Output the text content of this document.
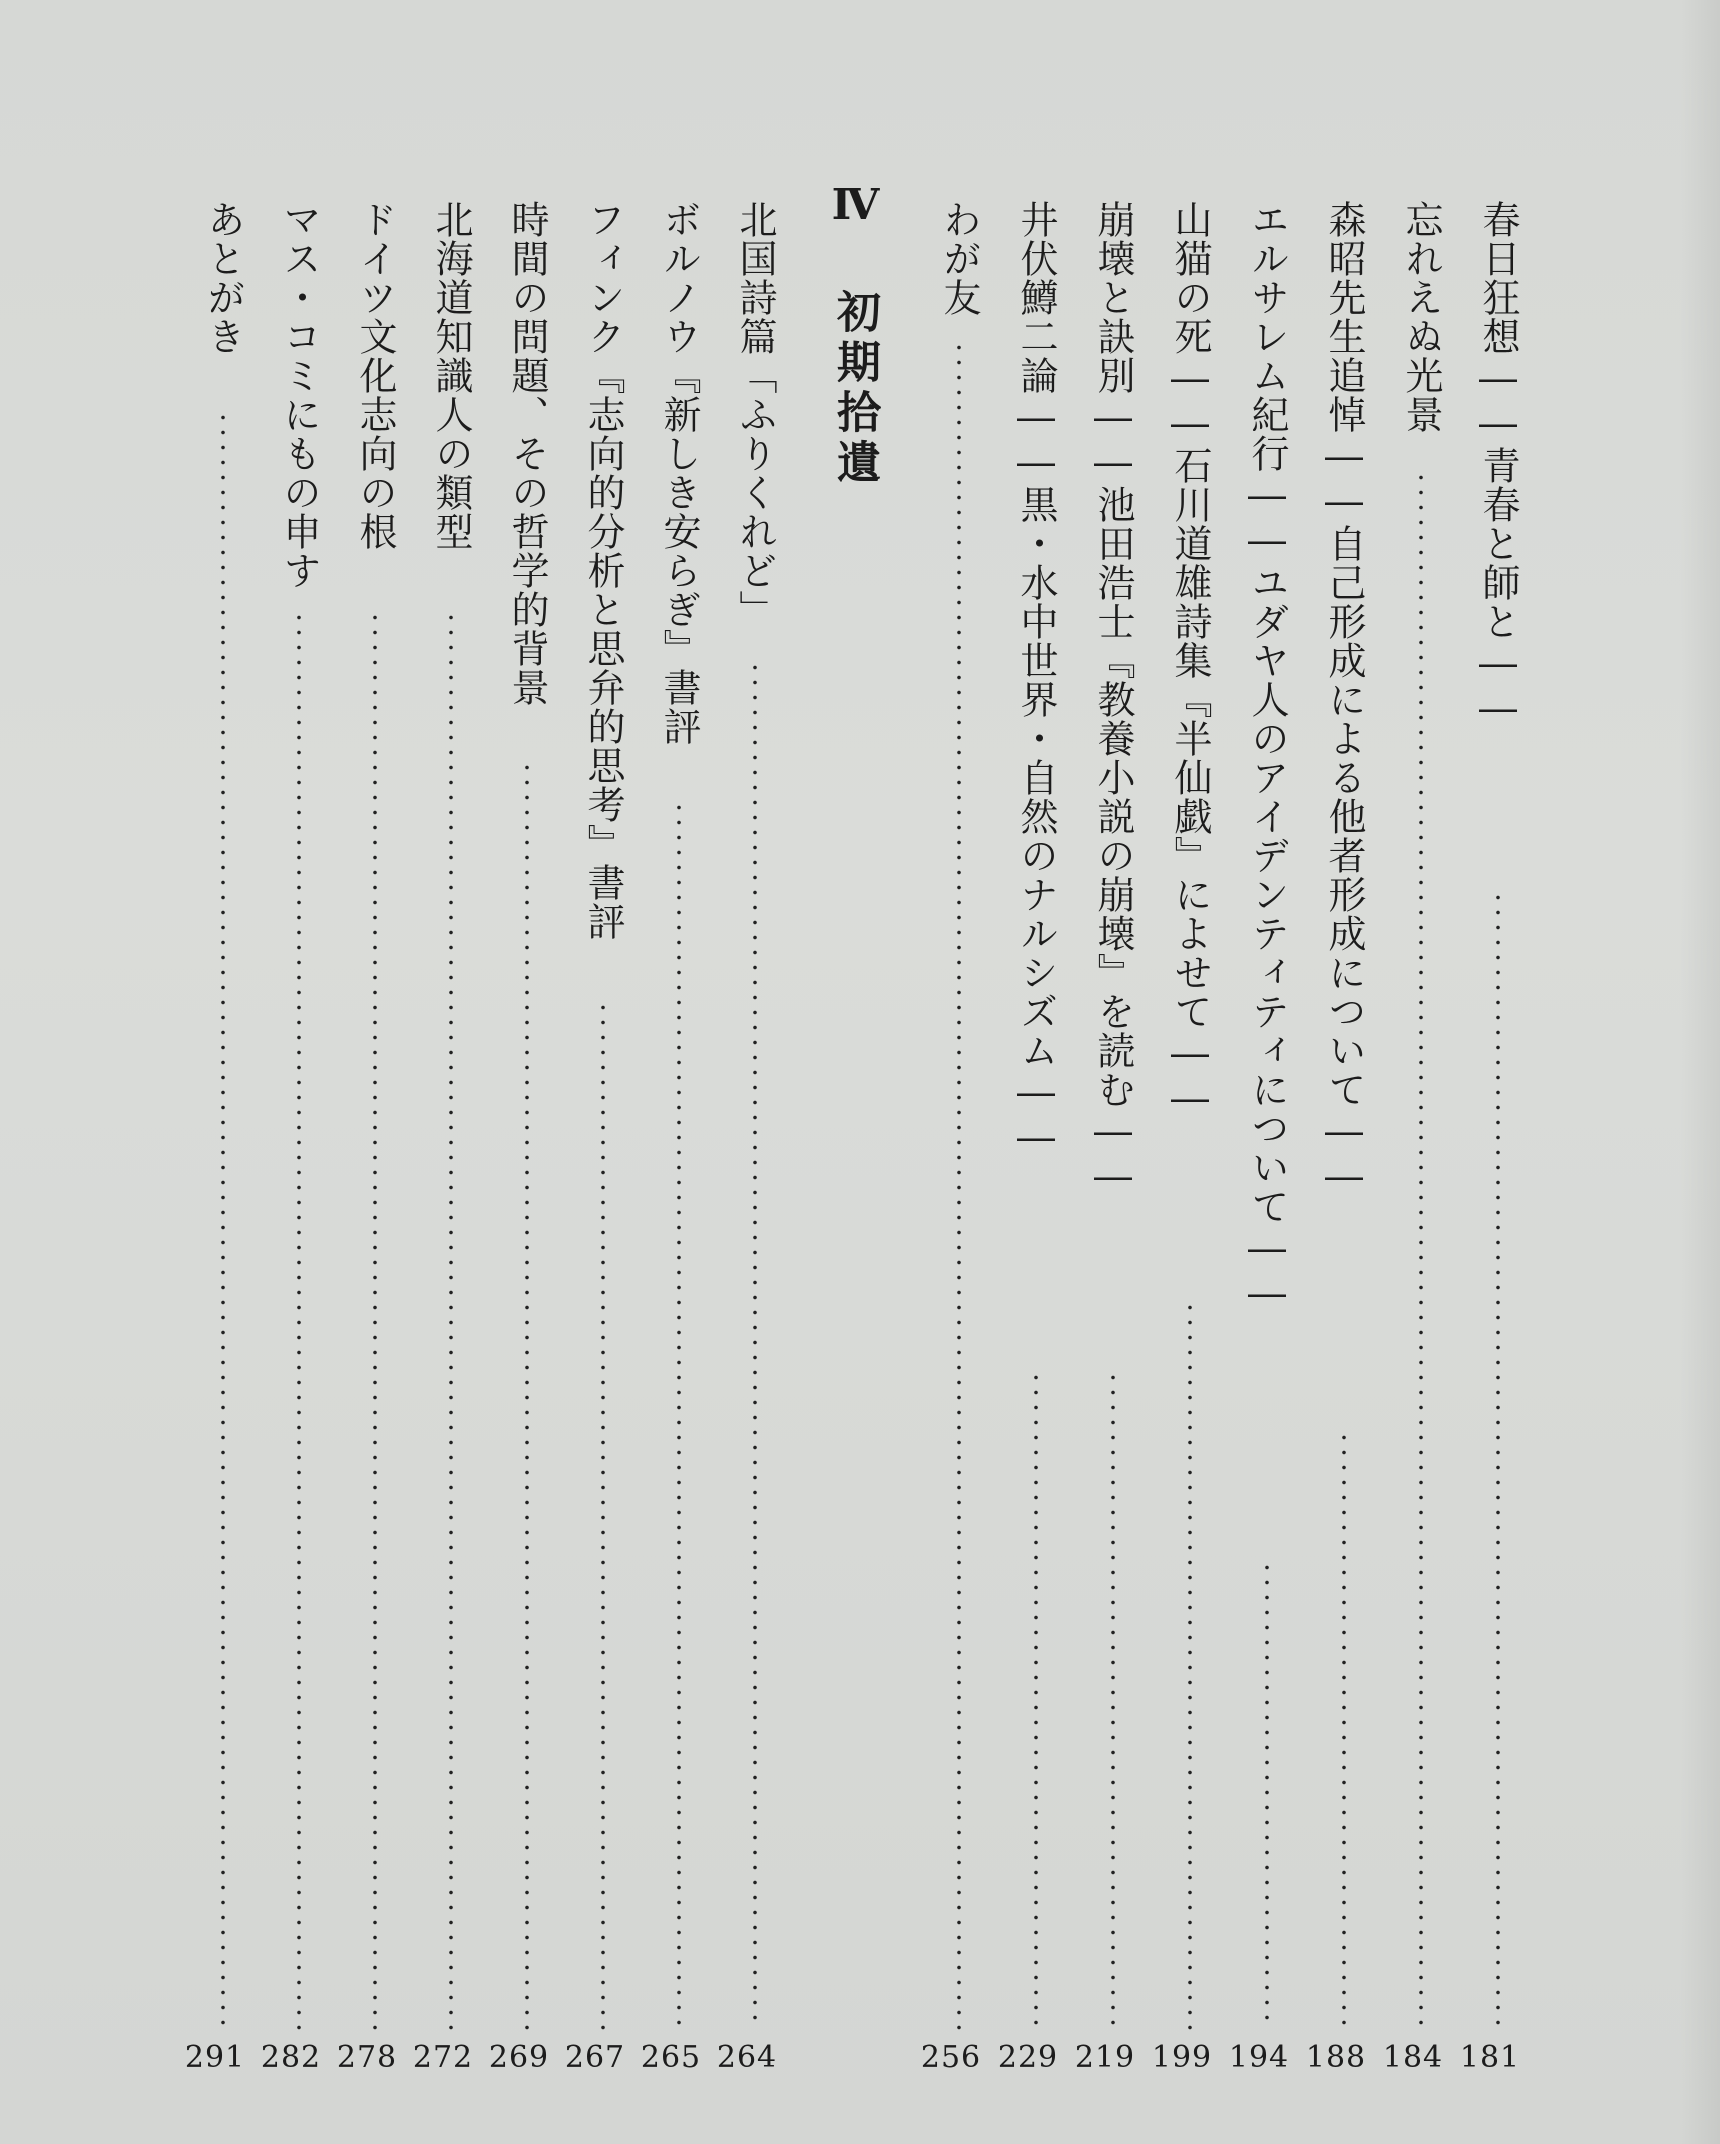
春日狂想――青春と師と――
181
忘れえぬ光景
184
森昭先生追悼――自己形成による他者形成について――
188
エルサレム紀行――ユダヤ人のアイデンティティについて――
194
山猫の死――石川道雄詩集『半仙戯』によせて――
199
崩壊と訣別――池田浩士『教養小説の崩壊』を読む――
219
井伏鱒二論――黒・水中世界・自然のナルシズム――
229
わが友
256
Ⅳ
初期拾遺
北国詩篇「ふりくれど」
264
ボルノウ『新しき安らぎ』書評
265
フィンク『志向的分析と思弁的思考』書評
267
時間の問題、その哲学的背景
269
北海道知識人の類型
272
ドイツ文化志向の根
278
マス・コミにもの申す
282
あとがき
291
